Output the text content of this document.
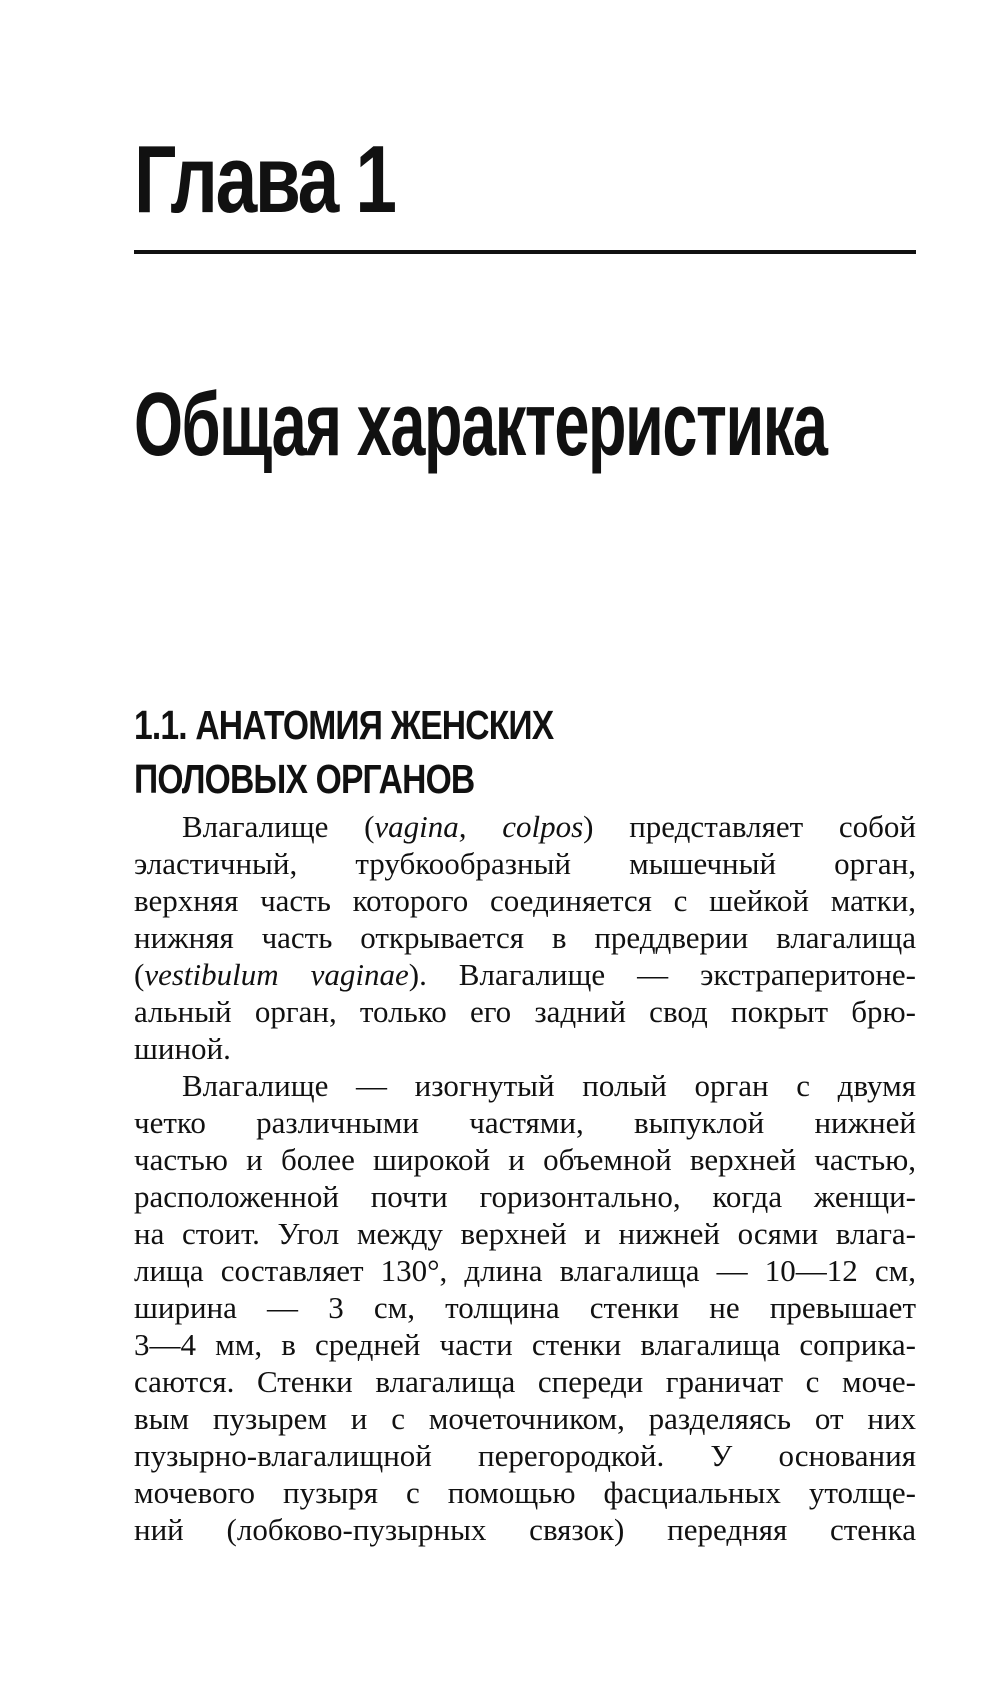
Глава 1
Общая характеристика
1.1. АНАТОМИЯ ЖЕНСКИХ
ПОЛОВЫХ ОРГАНОВ
Влагалище (vagina, colpos) представляет собой
эластичный, трубкообразный мышечный орган,
верхняя часть которого соединяется с шейкой матки,
нижняя часть открывается в преддверии влагалища
(vestibulum vaginae). Влагалище — экстраперитоне-
альный орган, только его задний свод покрыт брю-
шиной.
Влагалище — изогнутый полый орган с двумя
четко различными частями, выпуклой нижней
частью и более широкой и объемной верхней частью,
расположенной почти горизонтально, когда женщи-
на стоит. Угол между верхней и нижней осями влага-
лища составляет 130°, длина влагалища — 10—12 см,
ширина — 3 см, толщина стенки не превышает
3—4 мм, в средней части стенки влагалища соприка-
саются. Стенки влагалища спереди граничат с моче-
вым пузырем и с мочеточником, разделяясь от них
пузырно-влагалищной перегородкой. У основания
мочевого пузыря с помощью фасциальных утолще-
ний (лобково-пузырных связок) передняя стенка
